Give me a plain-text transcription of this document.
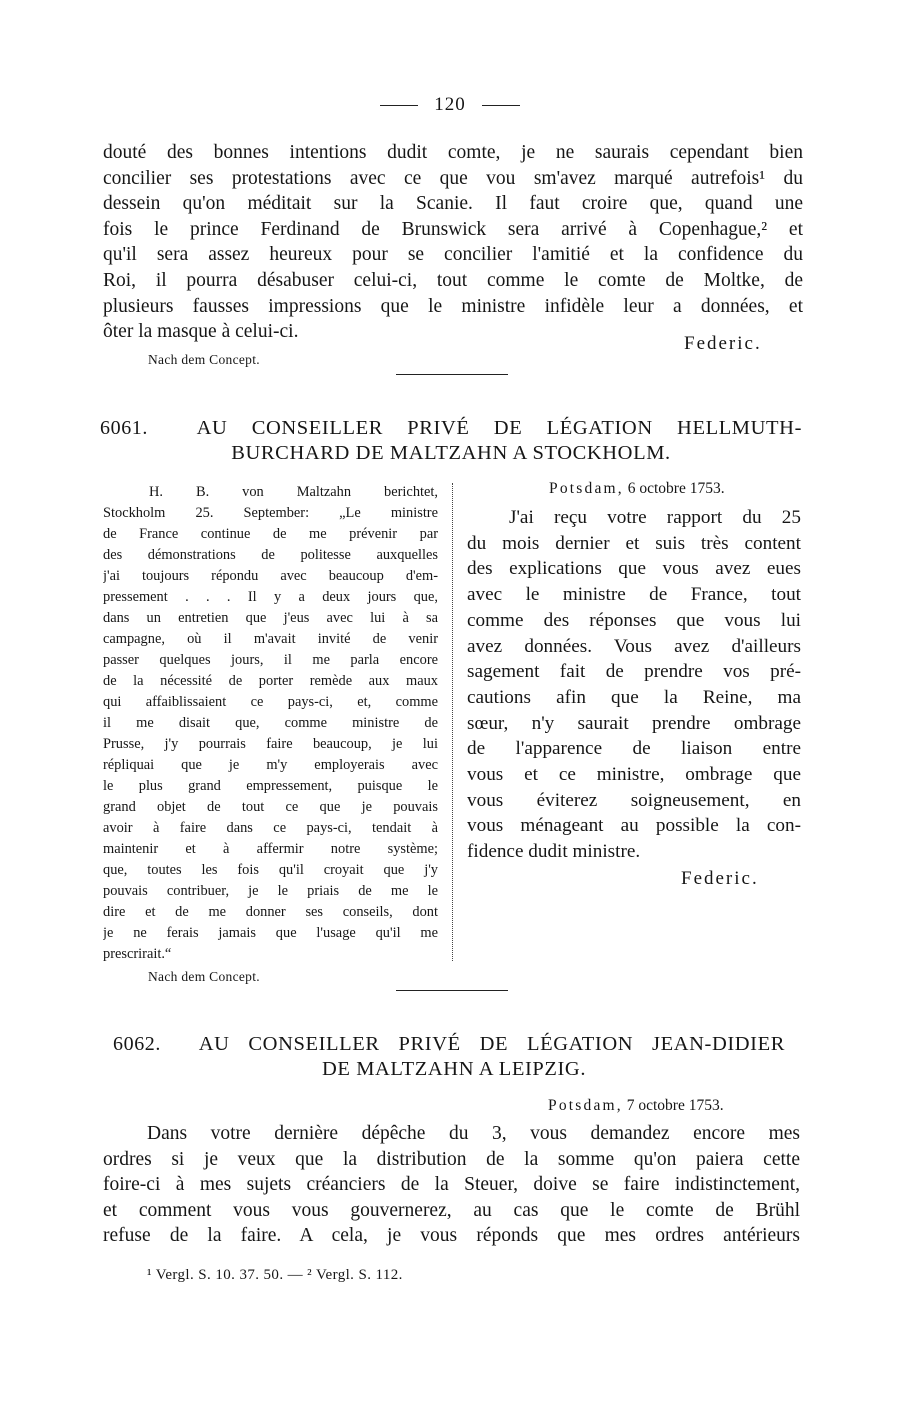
120
douté des bonnes intentions dudit comte, je ne saurais cependant bien
concilier ses protestations avec ce que vou sm'avez marqué autrefois¹ du
dessein qu'on méditait sur la Scanie. Il faut croire que, quand une
fois le prince Ferdinand de Brunswick sera arrivé à Copenhague,² et
qu'il sera assez heureux pour se concilier l'amitié et la confidence du
Roi, il pourra désabuser celui-ci, tout comme le comte de Moltke, de
plusieurs fausses impressions que le ministre infidèle leur a données, et
ôter la masque à celui-ci.
Federic.
Nach dem Concept.
6061. AU CONSEILLER PRIVÉ DE LÉGATION HELLMUTH-
BURCHARD DE MALTZAHN A STOCKHOLM.
H. B. von Maltzahn berichtet,
Stockholm 25. September: „Le ministre
de France continue de me prévenir par
des démonstrations de politesse auxquelles
j'ai toujours répondu avec beaucoup d'em-
pressement . . . Il y a deux jours que,
dans un entretien que j'eus avec lui à sa
campagne, où il m'avait invité de venir
passer quelques jours, il me parla encore
de la nécessité de porter remède aux maux
qui affaiblissaient ce pays-ci, et, comme
il me disait que, comme ministre de
Prusse, j'y pourrais faire beaucoup, je lui
répliquai que je m'y employerais avec
le plus grand empressement, puisque le
grand objet de tout ce que je pouvais
avoir à faire dans ce pays-ci, tendait à
maintenir et à affermir notre système;
que, toutes les fois qu'il croyait que j'y
pouvais contribuer, je le priais de me le
dire et de me donner ses conseils, dont
je ne ferais jamais que l'usage qu'il me
prescrirait.“
Potsdam, 6 octobre 1753.
J'ai reçu votre rapport du 25
du mois dernier et suis très content
des explications que vous avez eues
avec le ministre de France, tout
comme des réponses que vous lui
avez données. Vous avez d'ailleurs
sagement fait de prendre vos pré-
cautions afin que la Reine, ma
sœur, n'y saurait prendre ombrage
de l'apparence de liaison entre
vous et ce ministre, ombrage que
vous éviterez soigneusement, en
vous ménageant au possible la con-
fidence dudit ministre.
Federic.
Nach dem Concept.
6062. AU CONSEILLER PRIVÉ DE LÉGATION JEAN-DIDIER
DE MALTZAHN A LEIPZIG.
Potsdam, 7 octobre 1753.
Dans votre dernière dépêche du 3, vous demandez encore mes
ordres si je veux que la distribution de la somme qu'on paiera cette
foire-ci à mes sujets créanciers de la Steuer, doive se faire indistinctement,
et comment vous vous gouvernerez, au cas que le comte de Brühl
refuse de la faire. A cela, je vous réponds que mes ordres antérieurs
¹ Vergl. S. 10. 37. 50. — ² Vergl. S. 112.
